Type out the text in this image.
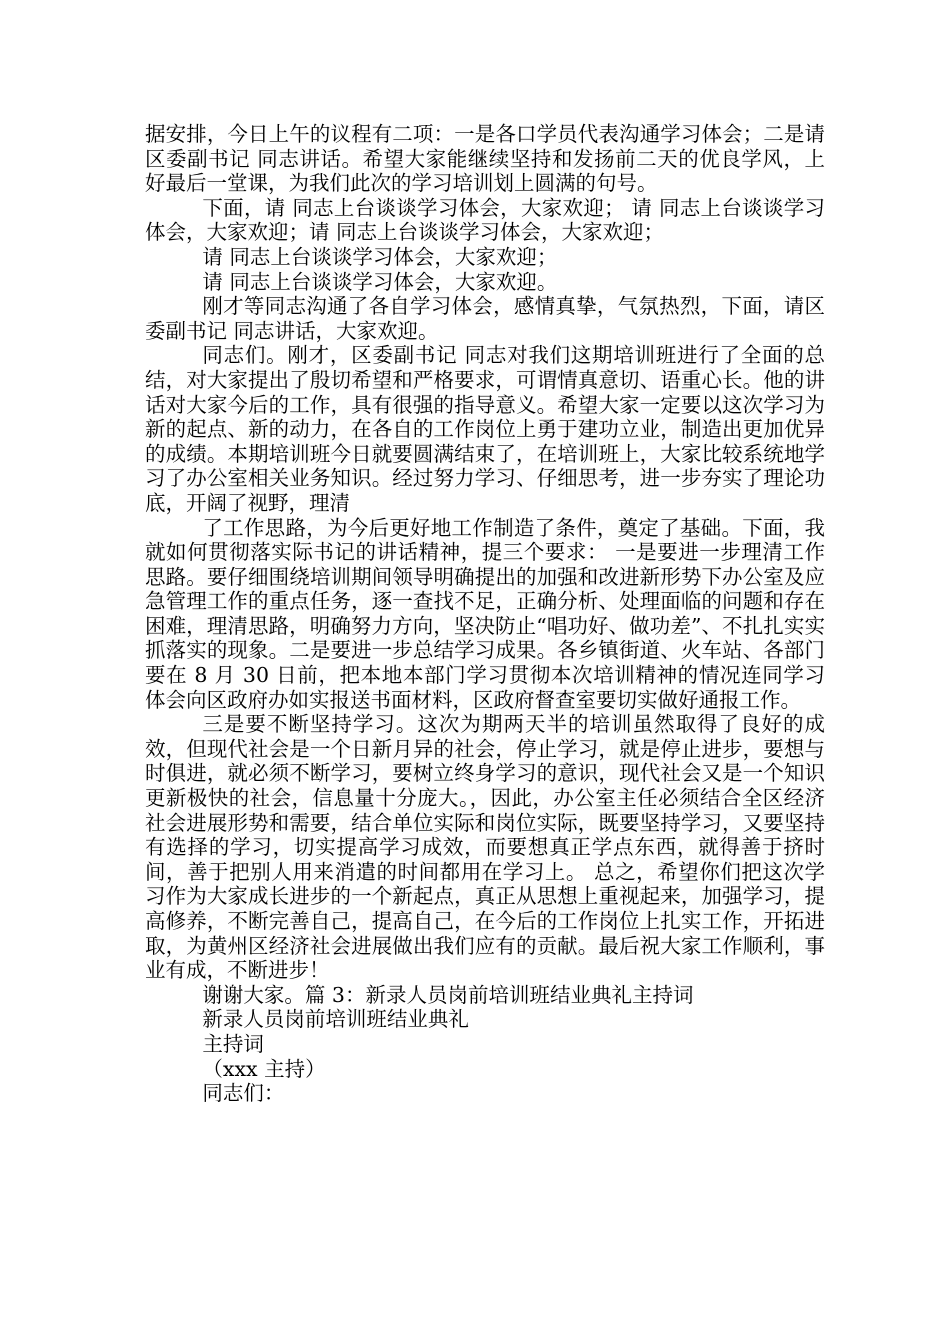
据安排，今日上午的议程有二项：一是各口学员代表沟通学习体会；二是请区委副书记 同志讲话。希望大家能继续坚持和发扬前二天的优良学风，上好最后一堂课，为我们此次的学习培训划上圆满的句号。

下面，请 同志上台谈谈学习体会，大家欢迎； 请 同志上台谈谈学习体会，大家欢迎；请 同志上台谈谈学习体会，大家欢迎；

请 同志上台谈谈学习体会，大家欢迎；

请 同志上台谈谈学习体会，大家欢迎。

刚才等同志沟通了各自学习体会，感情真挚，气氛热烈，下面，请区委副书记 同志讲话，大家欢迎。

同志们。刚才，区委副书记 同志对我们这期培训班进行了全面的总结，对大家提出了殷切希望和严格要求，可谓情真意切、语重心长。他的讲话对大家今后的工作，具有很强的指导意义。希望大家一定要以这次学习为新的起点、新的动力，在各自的工作岗位上勇于建功立业，制造出更加优异的成绩。本期培训班今日就要圆满结束了，在培训班上，大家比较系统地学习了办公室相关业务知识。经过努力学习、仔细思考，进一步夯实了理论功底，开阔了视野，理清

了工作思路，为今后更好地工作制造了条件，奠定了基础。下面，我就如何贯彻落实际书记的讲话精神，提三个要求： 一是要进一步理清工作思路。要仔细围绕培训期间领导明确提出的加强和改进新形势下办公室及应急管理工作的重点任务，逐一查找不足，正确分析、处理面临的问题和存在困难，理清思路，明确努力方向，坚决防止“唱功好、做功差”、不扎扎实实抓落实的现象。二是要进一步总结学习成果。各乡镇街道、火车站、各部门要在 8 月 30 日前，把本地本部门学习贯彻本次培训精神的情况连同学习体会向区政府办如实报送书面材料，区政府督查室要切实做好通报工作。

三是要不断坚持学习。这次为期两天半的培训虽然取得了良好的成效，但现代社会是一个日新月异的社会，停止学习，就是停止进步，要想与时俱进，就必须不断学习，要树立终身学习的意识，现代社会又是一个知识更新极快的社会，信息量十分庞大。，因此，办公室主任必须结合全区经济社会进展形势和需要，结合单位实际和岗位实际，既要坚持学习，又要坚持有选择的学习，切实提高学习成效，而要想真正学点东西，就得善于挤时间，善于把别人用来消遣的时间都用在学习上。 总之，希望你们把这次学习作为大家成长进步的一个新起点，真正从思想上重视起来，加强学习，提高修养，不断完善自己，提高自己，在今后的工作岗位上扎实工作，开拓进取，为黄州区经济社会进展做出我们应有的贡献。最后祝大家工作顺利，事业有成，不断进步！

谢谢大家。篇 3：新录人员岗前培训班结业典礼主持词

新录人员岗前培训班结业典礼

主持词

（xxx 主持）

同志们：
